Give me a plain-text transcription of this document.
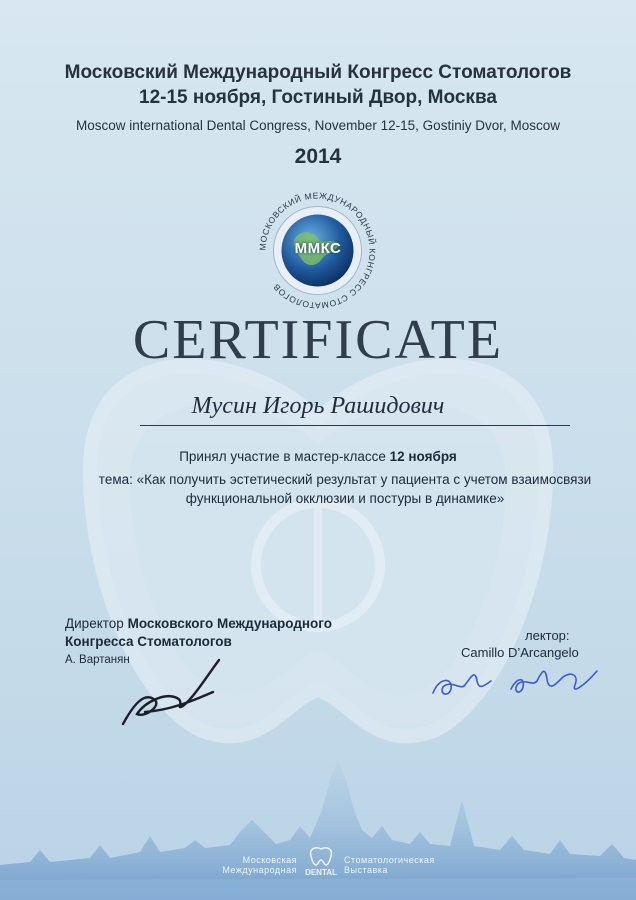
Московский Международный Конгресс Стоматологов
12-15 ноября, Гостиный Двор, Москва
Moscow international Dental Congress, November 12-15, Gostiniy Dvor, Moscow
2014
МОСКОВСКИЙ МЕЖДУНАРОДНЫЙ КОНГРЕСС СТОМАТОЛОГОВ
ММКС
CERTIFICATE
Мусин Игорь Рашидович
Принял участие в мастер-классе 12 ноября
тема: «Как получить эстетический результат у пациента с учетом взаимосвязи
функциональной окклюзии и постуры в динамике»
Директор Московского Международного
Конгресса Стоматологов
А. Вартанян
лектор:
Camillo D’Arcangelo
Московская
Международная	DENTAL
Стоматологическая
Выставка
